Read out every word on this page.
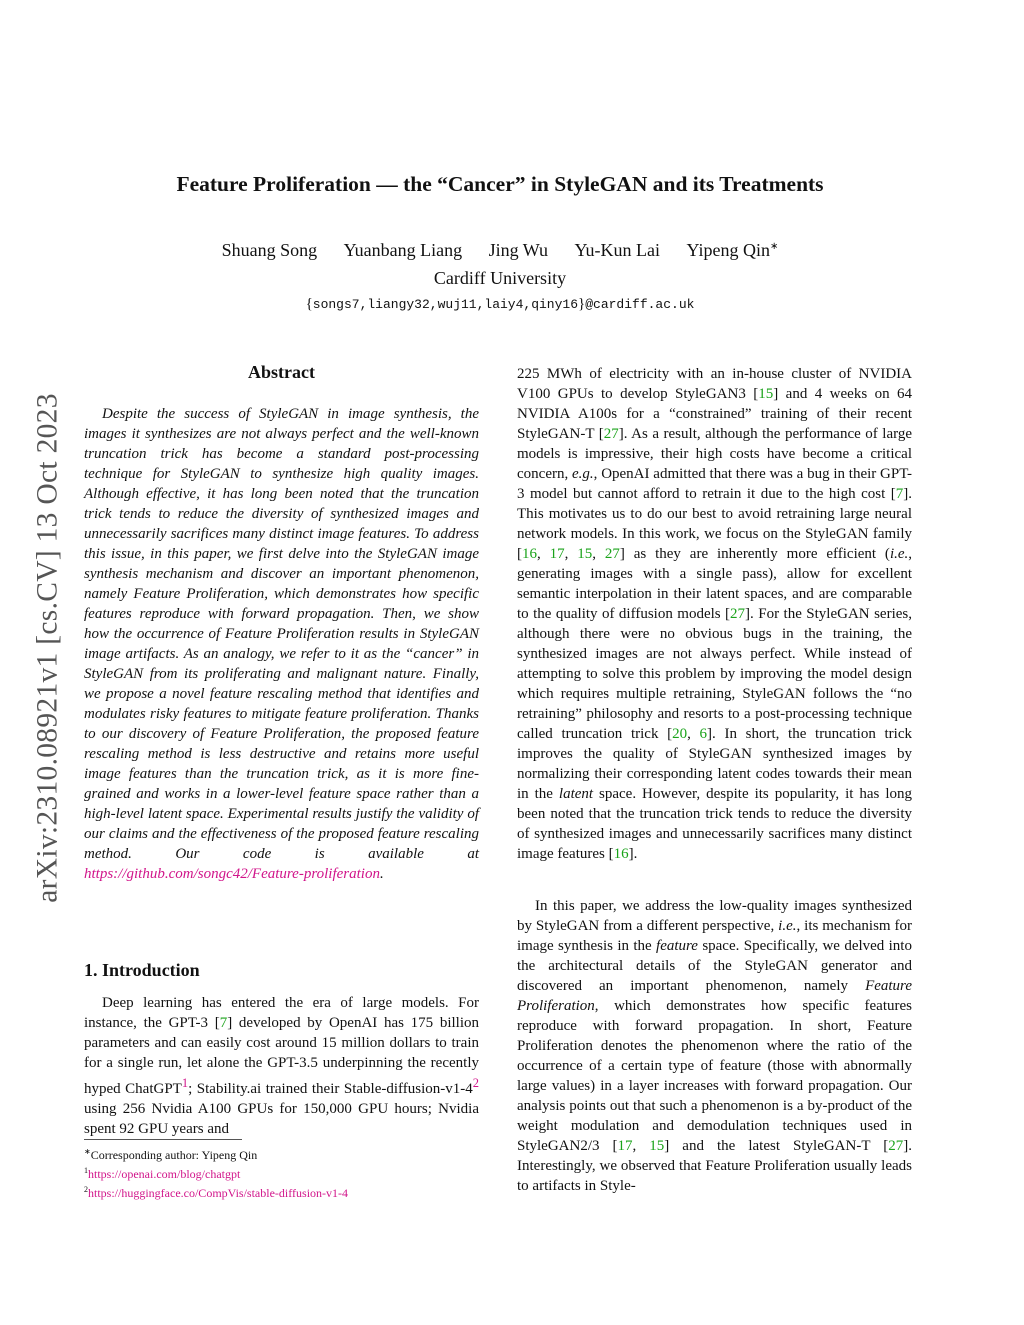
arXiv:2310.08921v1 [cs.CV] 13 Oct 2023
Feature Proliferation — the “Cancer” in StyleGAN and its Treatments
Shuang Song Yuanbang Liang Jing Wu Yu-Kun Lai Yipeng Qin∗
Cardiff University
{songs7,liangy32,wuj11,laiy4,qiny16}@cardiff.ac.uk
Abstract
Despite the success of StyleGAN in image synthesis, the images it synthesizes are not always perfect and the well-known truncation trick has become a standard post-processing technique for StyleGAN to synthesize high quality images. Although effective, it has long been noted that the truncation trick tends to reduce the diversity of synthesized images and unnecessarily sacrifices many distinct image features. To address this issue, in this paper, we first delve into the StyleGAN image synthesis mechanism and discover an important phenomenon, namely Feature Proliferation, which demonstrates how specific features reproduce with forward propagation. Then, we show how the occurrence of Feature Proliferation results in StyleGAN image artifacts. As an analogy, we refer to it as the “cancer” in StyleGAN from its proliferating and malignant nature. Finally, we propose a novel feature rescaling method that identifies and modulates risky features to mitigate feature proliferation. Thanks to our discovery of Feature Proliferation, the proposed feature rescaling method is less destructive and retains more useful image features than the truncation trick, as it is more fine-grained and works in a lower-level feature space rather than a high-level latent space. Experimental results justify the validity of our claims and the effectiveness of the proposed feature rescaling method. Our code is available at https://github.com/songc42/Feature-proliferation.
1. Introduction
Deep learning has entered the era of large models. For instance, the GPT-3 [7] developed by OpenAI has 175 billion parameters and can easily cost around 15 million dollars to train for a single run, let alone the GPT-3.5 underpinning the recently hyped ChatGPT$^1$; Stability.ai trained their Stable-$diffusion-v1-4^2$ using 256 Nvidia A100 GPUs for 150,000 GPU hours; Nvidia spent 92 GPU years and
∗Corresponding author: Yipeng Qin
$^1$https://openai.com/blog/chatgpt
$^2$https://huggingface.co/CompVis/stable-diffusion-v1-4
225 MWh of electricity with an in-house cluster of NVIDIA V100 GPUs to develop StyleGAN3 [15] and 4 weeks on 64 NVIDIA A100s for a “constrained” training of their recent StyleGAN-T [27]. As a result, although the performance of large models is impressive, their high costs have become a critical concern, e.g., OpenAI admitted that there was a bug in their GPT-3 model but cannot afford to retrain it due to the high cost [7]. This motivates us to do our best to avoid retraining large neural network models. In this work, we focus on the StyleGAN family [16, 17, 15, 27] as they are inherently more efficient (i.e., generating images with a single pass), allow for excellent semantic interpolation in their latent spaces, and are comparable to the quality of diffusion models [27]. For the StyleGAN series, although there were no obvious bugs in the training, the synthesized images are not always perfect. While instead of attempting to solve this problem by improving the model design which requires multiple retraining, StyleGAN follows the “no retraining” philosophy and resorts to a post-processing technique called truncation trick [20, 6]. In short, the truncation trick improves the quality of StyleGAN synthesized images by normalizing their corresponding latent codes towards their mean in the latent space. However, despite its popularity, it has long been noted that the truncation trick tends to reduce the diversity of synthesized images and unnecessarily sacrifices many distinct image features [16].
In this paper, we address the low-quality images synthesized by StyleGAN from a different perspective, i.e., its mechanism for image synthesis in the feature space. Specifically, we delved into the architectural details of the StyleGAN generator and discovered an important phenomenon, namely Feature Proliferation, which demonstrates how specific features reproduce with forward propagation. In short, Feature Proliferation denotes the phenomenon where the ratio of the occurrence of a certain type of feature (those with abnormally large values) in a layer increases with forward propagation. Our analysis points out that such a phenomenon is a by-product of the weight modulation and demodulation techniques used in StyleGAN2/3 [17, 15] and the latest StyleGAN-T [27]. Interestingly, we observed that Feature Proliferation usually leads to artifacts in Style-
